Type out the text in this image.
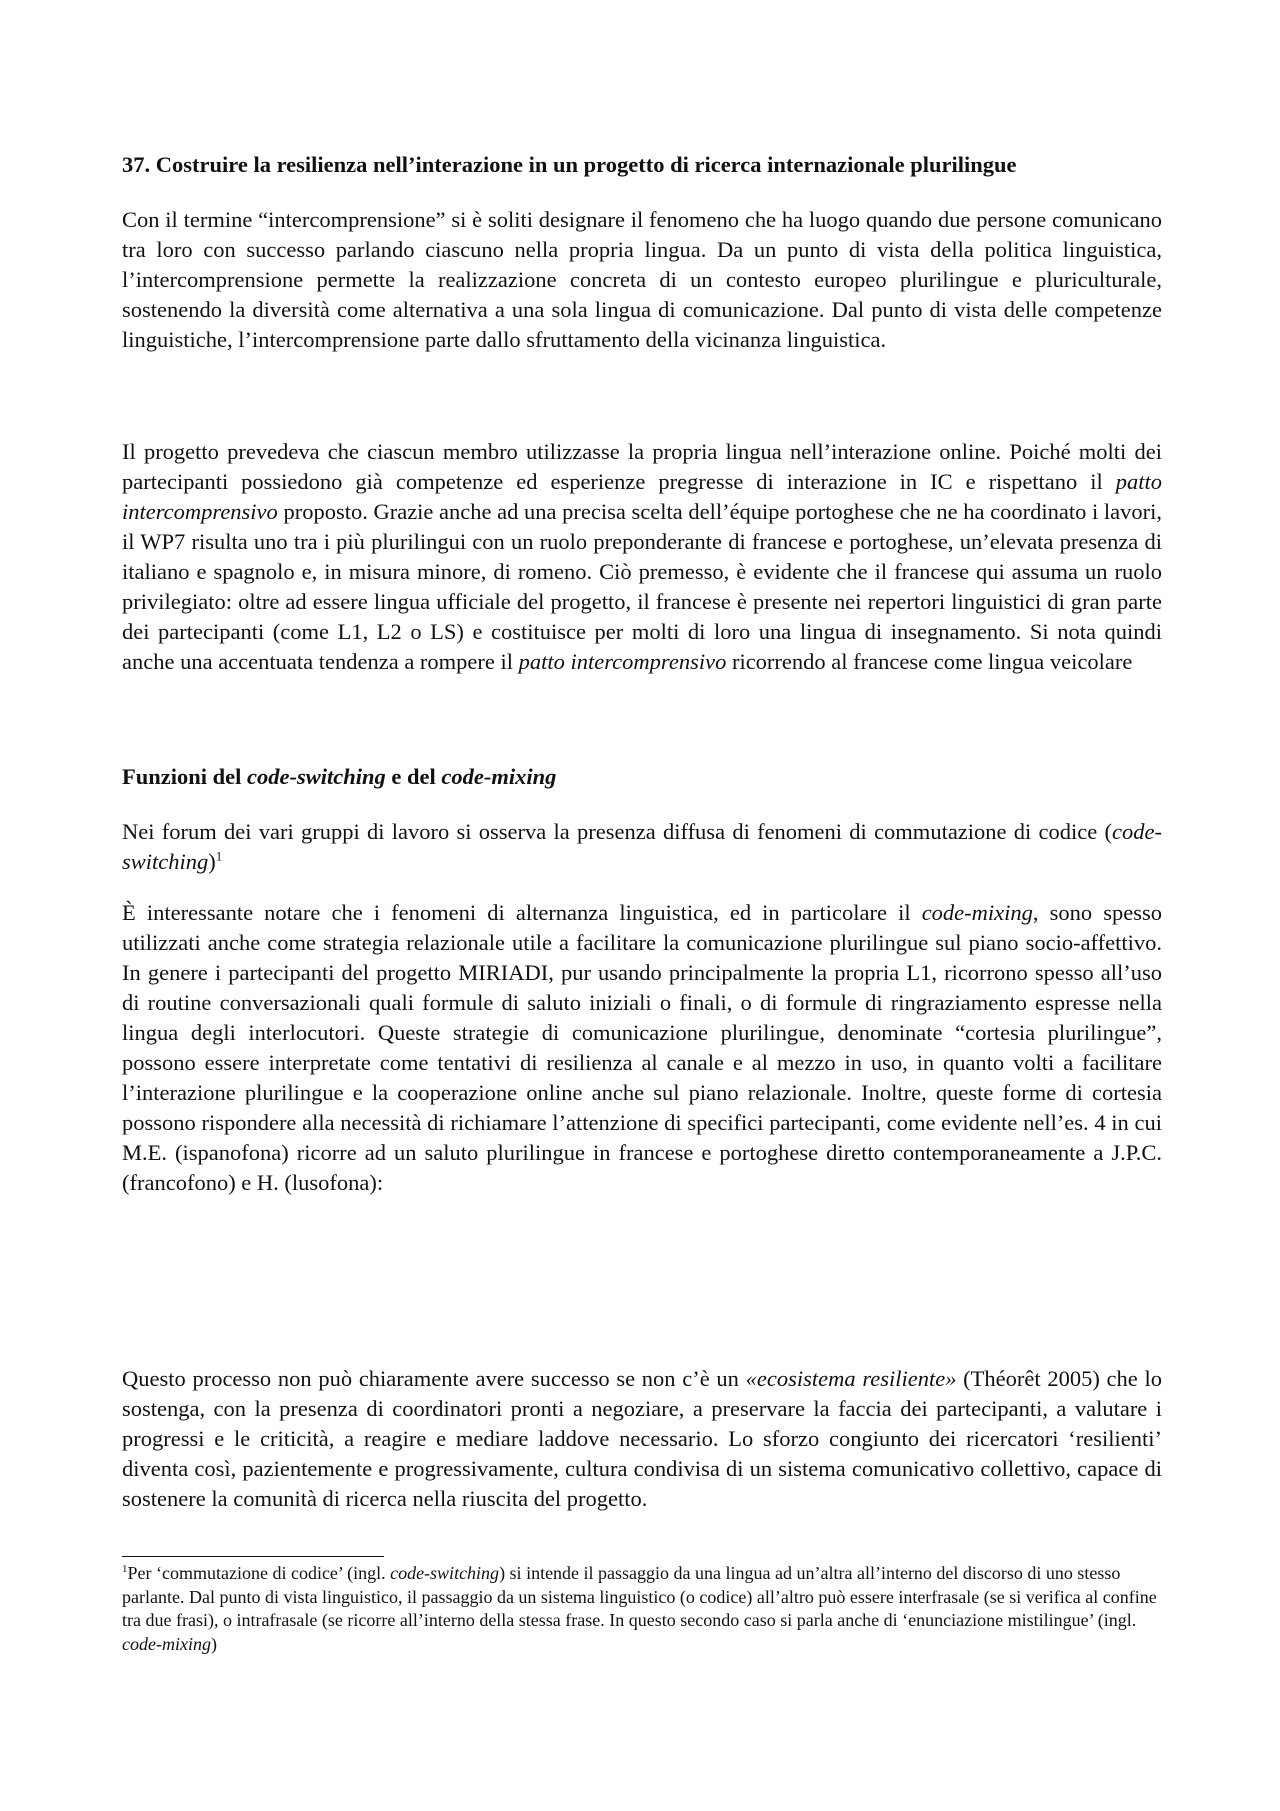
37. Costruire la resilienza nell’interazione in un progetto di ricerca internazionale plurilingue

Con il termine “intercomprensione” si è soliti designare il fenomeno che ha luogo quando due persone comunicano tra loro con successo parlando ciascuno nella propria lingua. Da un punto di vista della politica linguistica, l’intercomprensione permette la realizzazione concreta di un contesto europeo plurilingue e pluriculturale, sostenendo la diversità come alternativa a una sola lingua di comunicazione. Dal punto di vista delle competenze linguistiche, l’intercomprensione parte dallo sfruttamento della vicinanza linguistica.

Il progetto prevedeva che ciascun membro utilizzasse la propria lingua nell’interazione online. Poiché molti dei partecipanti possiedono già competenze ed esperienze pregresse di interazione in IC e rispettano il patto intercomprensivo proposto. Grazie anche ad una precisa scelta dell’équipe portoghese che ne ha coordinato i lavori, il WP7 risulta uno tra i più plurilingui con un ruolo preponderante di francese e portoghese, un’elevata presenza di italiano e spagnolo e, in misura minore, di romeno. Ciò premesso, è evidente che il francese qui assuma un ruolo privilegiato: oltre ad essere lingua ufficiale del progetto, il francese è presente nei repertori linguistici di gran parte dei partecipanti (come L1, L2 o LS) e costituisce per molti di loro una lingua di insegnamento. Si nota quindi anche una accentuata tendenza a rompere il patto intercomprensivo ricorrendo al francese come lingua veicolare

Funzioni del code-switching e del code-mixing

Nei forum dei vari gruppi di lavoro si osserva la presenza diffusa di fenomeni di commutazione di codice (code-switching)$^1$

È interessante notare che i fenomeni di alternanza linguistica, ed in particolare il code-mixing, sono spesso utilizzati anche come strategia relazionale utile a facilitare la comunicazione plurilingue sul piano socio-affettivo. In genere i partecipanti del progetto MIRIADI, pur usando principalmente la propria L1, ricorrono spesso all’uso di routine conversazionali quali formule di saluto iniziali o finali, o di formule di ringraziamento espresse nella lingua degli interlocutori. Queste strategie di comunicazione plurilingue, denominate “cortesia plurilingue”, possono essere interpretate come tentativi di resilienza al canale e al mezzo in uso, in quanto volti a facilitare l’interazione plurilingue e la cooperazione online anche sul piano relazionale. Inoltre, queste forme di cortesia possono rispondere alla necessità di richiamare l’attenzione di specifici partecipanti, come evidente nell’es. 4 in cui M.E. (ispanofona) ricorre ad un saluto plurilingue in francese e portoghese diretto contemporaneamente a J.P.C. (francofono) e H. (lusofona):

Questo processo non può chiaramente avere successo se non c’è un «ecosistema resiliente» (Théorêt 2005) che lo sostenga, con la presenza di coordinatori pronti a negoziare, a preservare la faccia dei partecipanti, a valutare i progressi e le criticità, a reagire e mediare laddove necessario. Lo sforzo congiunto dei ricercatori ‘resilienti’ diventa così, pazientemente e progressivamente, cultura condivisa di un sistema comunicativo collettivo, capace di sostenere la comunità di ricerca nella riuscita del progetto.

$^1$Per ‘commutazione di codice’ (ingl. code-switching) si intende il passaggio da una lingua ad un’altra all’interno del discorso di uno stesso parlante. Dal punto di vista linguistico, il passaggio da un sistema linguistico (o codice) all’altro può essere interfrasale (se si verifica al confine tra due frasi), o intrafrasale (se ricorre all’interno della stessa frase. In questo secondo caso si parla anche di ‘enunciazione mistilingue’ (ingl. code-mixing)
